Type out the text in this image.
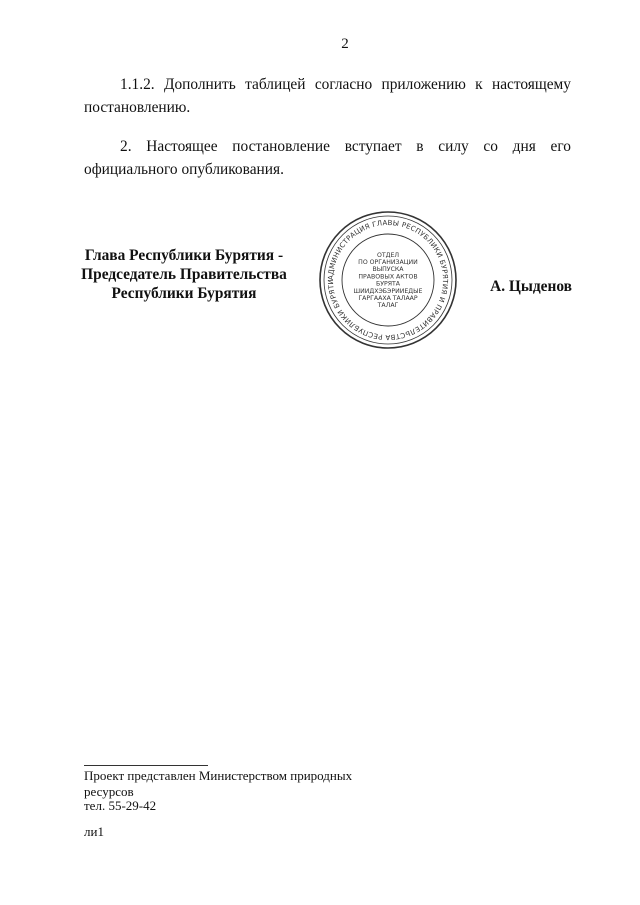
2
1.1.2. Дополнить таблицей согласно приложению к настоящему постановлению.
2. Настоящее постановление вступает в силу со дня его официального опубликования.
Глава Республики Бурятия -
Председатель Правительства
Республики Бурятия
АДМИНИСТРАЦИЯ ГЛАВЫ РЕСПУБЛИКИ БУРЯТИЯ И ПРАВИТЕЛЬСТВА РЕСПУБЛИКИ БУРЯТИ
ОТДЕЛ
ПО ОРГАНИЗАЦИИ
ВЫПУСКА
ПРАВОВЫХ АКТОВ
БУРЯТА
ШИИДХЭБЭРИИЕДЫЕ
ГАРГААХА ТАЛААР
ТАЛАГ
А. Цыденов
Проект представлен Министерством природных ресурсов
тел. 55-29-42
ли1
